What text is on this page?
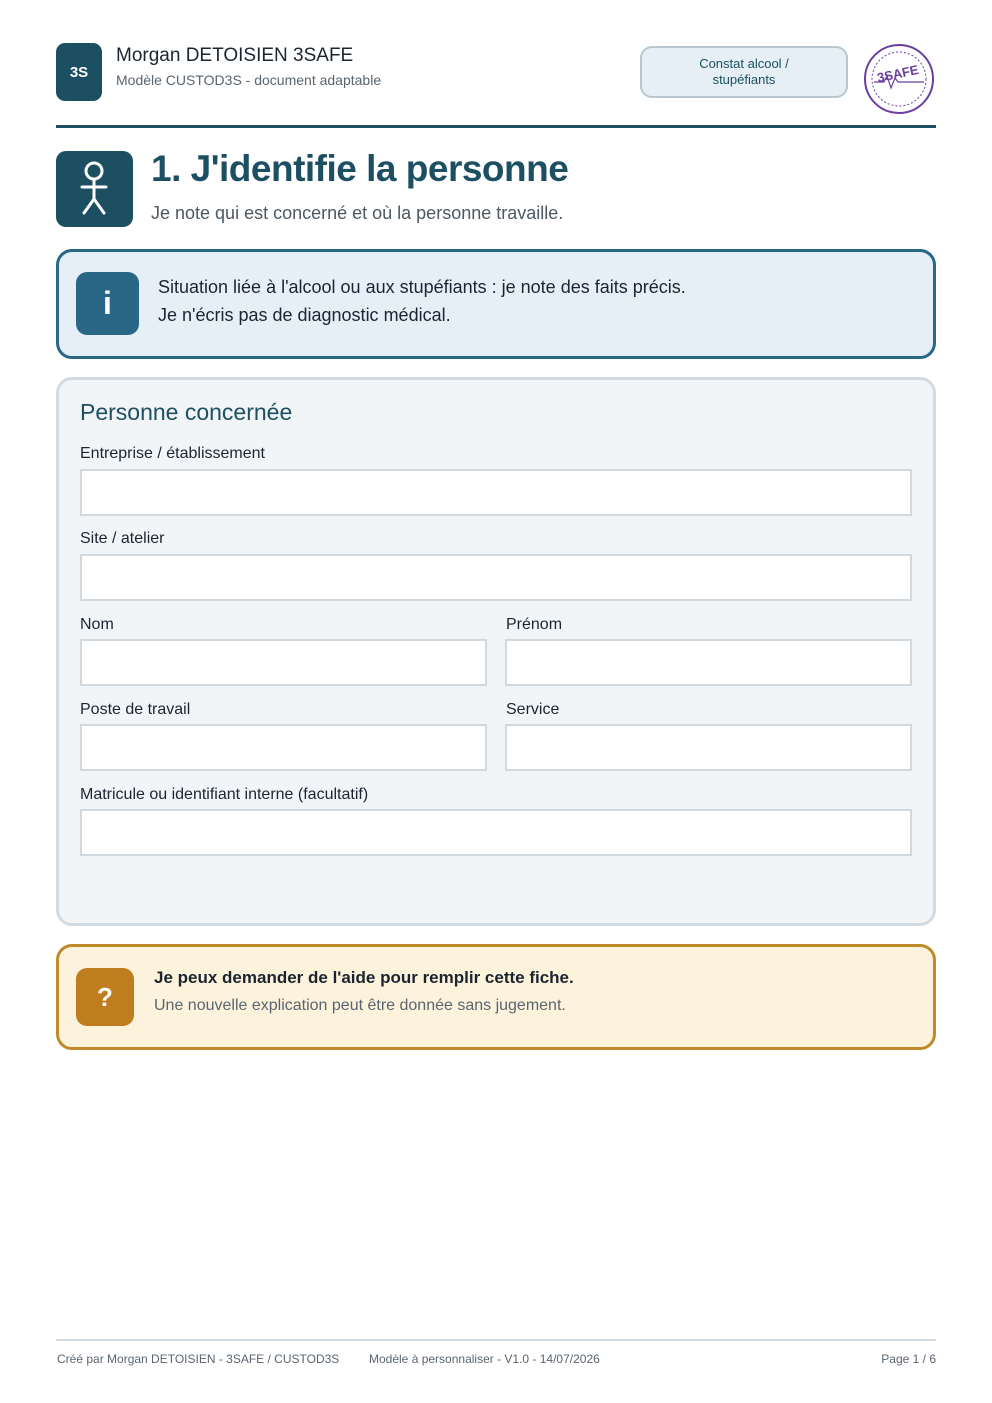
3S
Morgan DETOISIEN 3SAFE
Modèle CUSTOD3S - document adaptable
Constat alcool / stupéfiants	3SAFE
1. J'identifie la personne
Je note qui est concerné et où la personne travaille.
i	Situation liée à l'alcool ou aux stupéfiants : je note des faits précis.
Je n'écris pas de diagnostic médical.
Personne concernée
Entreprise / établissement
Site / atelier
Nom	Prénom
Poste de travail	Service
Matricule ou identifiant interne (facultatif)
?
Je peux demander de l'aide pour remplir cette fiche.
Une nouvelle explication peut être donnée sans jugement.
Créé par Morgan DETOISIEN - 3SAFE / CUSTOD3S Modèle à personnaliser - V1.0 - 14/07/2026	Page 1 / 6
